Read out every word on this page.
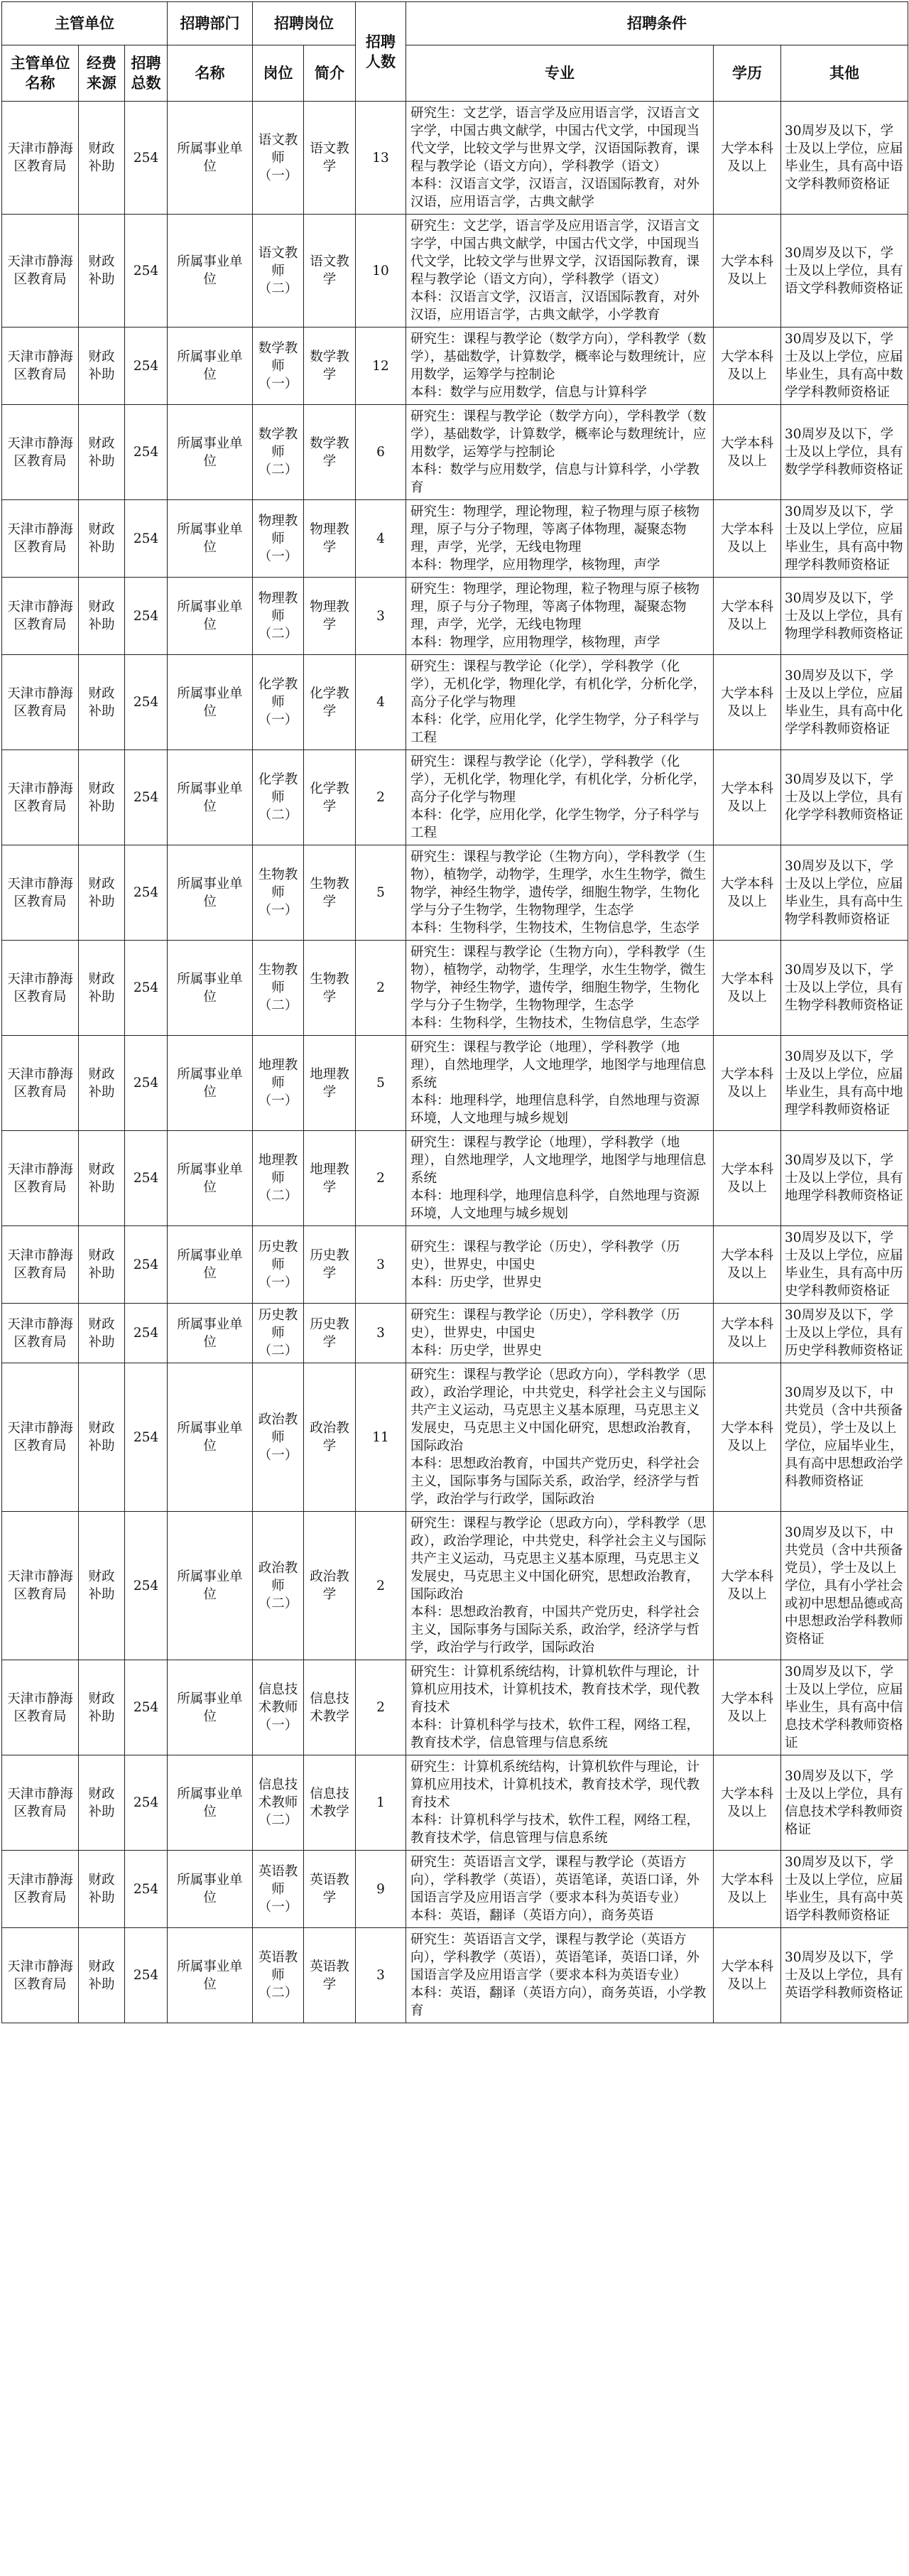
主管单位			招聘部门	招聘岗位		招聘人数	招聘条件		
主管单位名称	经费来源	招聘总数	名称	岗位	简介		专业	学历	其他
天津市静海区教育局	财政补助	254	所属事业单位	语文教师（一）	语文教学	13	研究生：文艺学，语言学及应用语言学，汉语言文字学，中国古典文献学，中国古代文学，中国现当代文学，比较文学与世界文学，汉语国际教育，课程与教学论（语文方向），学科教学（语文）
本科：汉语言文学，汉语言，汉语国际教育，对外汉语，应用语言学，古典文献学	大学本科及以上	30周岁及以下，学士及以上学位，应届毕业生，具有高中语文学科教师资格证
天津市静海区教育局	财政补助	254	所属事业单位	语文教师（二）	语文教学	10	研究生：文艺学，语言学及应用语言学，汉语言文字学，中国古典文献学，中国古代文学，中国现当代文学，比较文学与世界文学，汉语国际教育，课程与教学论（语文方向），学科教学（语文）
本科：汉语言文学，汉语言，汉语国际教育，对外汉语，应用语言学，古典文献学，小学教育	大学本科及以上	30周岁及以下，学士及以上学位，具有语文学科教师资格证
天津市静海区教育局	财政补助	254	所属事业单位	数学教师（一）	数学教学	12	研究生：课程与教学论（数学方向），学科教学（数学），基础数学，计算数学，概率论与数理统计，应用数学，运筹学与控制论
本科：数学与应用数学，信息与计算科学	大学本科及以上	30周岁及以下，学士及以上学位，应届毕业生，具有高中数学学科教师资格证
天津市静海区教育局	财政补助	254	所属事业单位	数学教师（二）	数学教学	6	研究生：课程与教学论（数学方向），学科教学（数学），基础数学，计算数学，概率论与数理统计，应用数学，运筹学与控制论
本科：数学与应用数学，信息与计算科学，小学教育	大学本科及以上	30周岁及以下，学士及以上学位，具有数学学科教师资格证
天津市静海区教育局	财政补助	254	所属事业单位	物理教师（一）	物理教学	4	研究生：物理学，理论物理，粒子物理与原子核物理，原子与分子物理，等离子体物理，凝聚态物理，声学，光学，无线电物理
本科：物理学，应用物理学，核物理，声学	大学本科及以上	30周岁及以下，学士及以上学位，应届毕业生，具有高中物理学科教师资格证
天津市静海区教育局	财政补助	254	所属事业单位	物理教师（二）	物理教学	3	研究生：物理学，理论物理，粒子物理与原子核物理，原子与分子物理，等离子体物理，凝聚态物理，声学，光学，无线电物理
本科：物理学，应用物理学，核物理，声学	大学本科及以上	30周岁及以下，学士及以上学位，具有物理学科教师资格证
天津市静海区教育局	财政补助	254	所属事业单位	化学教师（一）	化学教学	4	研究生：课程与教学论（化学），学科教学（化学），无机化学，物理化学，有机化学，分析化学，高分子化学与物理
本科：化学，应用化学，化学生物学，分子科学与工程	大学本科及以上	30周岁及以下，学士及以上学位，应届毕业生，具有高中化学学科教师资格证
天津市静海区教育局	财政补助	254	所属事业单位	化学教师（二）	化学教学	2	研究生：课程与教学论（化学），学科教学（化学），无机化学，物理化学，有机化学，分析化学，高分子化学与物理
本科：化学，应用化学，化学生物学，分子科学与工程	大学本科及以上	30周岁及以下，学士及以上学位，具有化学学科教师资格证
天津市静海区教育局	财政补助	254	所属事业单位	生物教师（一）	生物教学	5	研究生：课程与教学论（生物方向），学科教学（生物），植物学，动物学，生理学，水生生物学，微生物学，神经生物学，遗传学，细胞生物学，生物化学与分子生物学，生物物理学，生态学
本科：生物科学，生物技术，生物信息学，生态学	大学本科及以上	30周岁及以下，学士及以上学位，应届毕业生，具有高中生物学科教师资格证
天津市静海区教育局	财政补助	254	所属事业单位	生物教师（二）	生物教学	2	研究生：课程与教学论（生物方向），学科教学（生物），植物学，动物学，生理学，水生生物学，微生物学，神经生物学，遗传学，细胞生物学，生物化学与分子生物学，生物物理学，生态学
本科：生物科学，生物技术，生物信息学，生态学	大学本科及以上	30周岁及以下，学士及以上学位，具有生物学科教师资格证
天津市静海区教育局	财政补助	254	所属事业单位	地理教师（一）	地理教学	5	研究生：课程与教学论（地理），学科教学（地理），自然地理学，人文地理学，地图学与地理信息系统
本科：地理科学，地理信息科学，自然地理与资源环境，人文地理与城乡规划	大学本科及以上	30周岁及以下，学士及以上学位，应届毕业生，具有高中地理学科教师资格证
天津市静海区教育局	财政补助	254	所属事业单位	地理教师（二）	地理教学	2	研究生：课程与教学论（地理），学科教学（地理），自然地理学，人文地理学，地图学与地理信息系统
本科：地理科学，地理信息科学，自然地理与资源环境，人文地理与城乡规划	大学本科及以上	30周岁及以下，学士及以上学位，具有地理学科教师资格证
天津市静海区教育局	财政补助	254	所属事业单位	历史教师（一）	历史教学	3	研究生：课程与教学论（历史），学科教学（历史），世界史，中国史
本科：历史学，世界史	大学本科及以上	30周岁及以下，学士及以上学位，应届毕业生，具有高中历史学科教师资格证
天津市静海区教育局	财政补助	254	所属事业单位	历史教师（二）	历史教学	3	研究生：课程与教学论（历史），学科教学（历史），世界史，中国史
本科：历史学，世界史	大学本科及以上	30周岁及以下，学士及以上学位，具有历史学科教师资格证
天津市静海区教育局	财政补助	254	所属事业单位	政治教师（一）	政治教学	11	研究生：课程与教学论（思政方向），学科教学（思政），政治学理论，中共党史，科学社会主义与国际共产主义运动，马克思主义基本原理，马克思主义发展史，马克思主义中国化研究，思想政治教育，国际政治
本科：思想政治教育，中国共产党历史，科学社会主义，国际事务与国际关系，政治学，经济学与哲学，政治学与行政学，国际政治	大学本科及以上	30周岁及以下，中共党员（含中共预备党员），学士及以上学位，应届毕业生，具有高中思想政治学科教师资格证
天津市静海区教育局	财政补助	254	所属事业单位	政治教师（二）	政治教学	2	研究生：课程与教学论（思政方向），学科教学（思政），政治学理论，中共党史，科学社会主义与国际共产主义运动，马克思主义基本原理，马克思主义发展史，马克思主义中国化研究，思想政治教育，国际政治
本科：思想政治教育，中国共产党历史，科学社会主义，国际事务与国际关系，政治学，经济学与哲学，政治学与行政学，国际政治	大学本科及以上	30周岁及以下，中共党员（含中共预备党员），学士及以上学位，具有小学社会或初中思想品德或高中思想政治学科教师资格证
天津市静海区教育局	财政补助	254	所属事业单位	信息技术教师（一）	信息技术教学	2	研究生：计算机系统结构，计算机软件与理论，计算机应用技术，计算机技术，教育技术学，现代教育技术
本科：计算机科学与技术，软件工程，网络工程，教育技术学，信息管理与信息系统	大学本科及以上	30周岁及以下，学士及以上学位，应届毕业生，具有高中信息技术学科教师资格证
天津市静海区教育局	财政补助	254	所属事业单位	信息技术教师（二）	信息技术教学	1	研究生：计算机系统结构，计算机软件与理论，计算机应用技术，计算机技术，教育技术学，现代教育技术
本科：计算机科学与技术，软件工程，网络工程，教育技术学，信息管理与信息系统	大学本科及以上	30周岁及以下，学士及以上学位，具有信息技术学科教师资格证
天津市静海区教育局	财政补助	254	所属事业单位	英语教师（一）	英语教学	9	研究生：英语语言文学，课程与教学论（英语方向），学科教学（英语），英语笔译，英语口译，外国语言学及应用语言学（要求本科为英语专业）
本科：英语，翻译（英语方向），商务英语	大学本科及以上	30周岁及以下，学士及以上学位，应届毕业生，具有高中英语学科教师资格证
天津市静海区教育局	财政补助	254	所属事业单位	英语教师（二）	英语教学	3	研究生：英语语言文学，课程与教学论（英语方向），学科教学（英语），英语笔译，英语口译，外国语言学及应用语言学（要求本科为英语专业）
本科：英语，翻译（英语方向），商务英语，小学教育	大学本科及以上	30周岁及以下，学士及以上学位，具有英语学科教师资格证
